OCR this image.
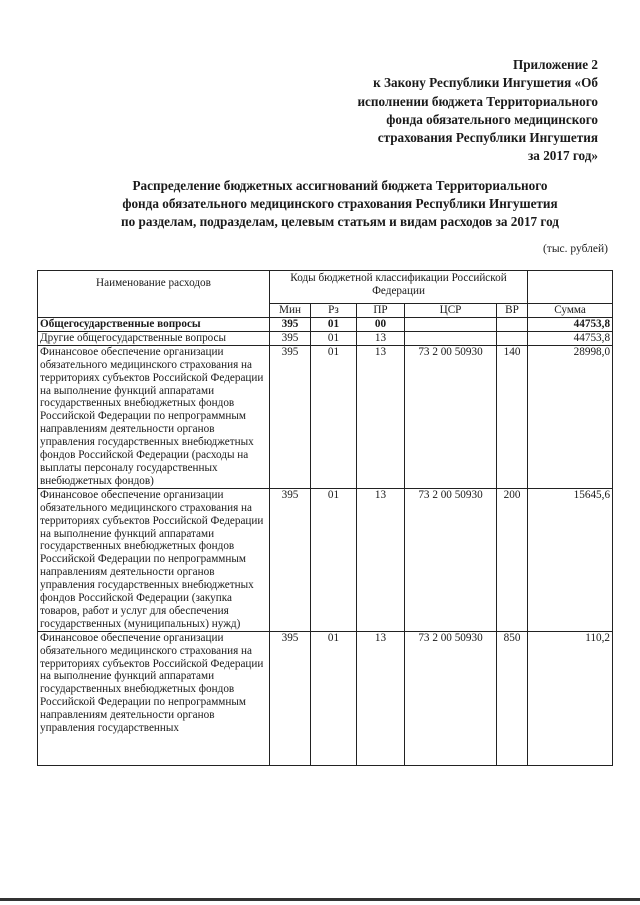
Приложение 2
к Закону Республики Ингушетия «Об
исполнении бюджета Территориального
фонда обязательного медицинского
страхования Республики Ингушетия
за 2017 год»
Распределение бюджетных ассигнований бюджета Территориального
фонда обязательного медицинского страхования Республики Ингушетия
по разделам, подразделам, целевым статьям и видам расходов за 2017 год
(тыс. рублей)
Наименование расходов	Коды бюджетной классификации Российской Федерации					
	Мин	Рз	ПР	ЦСР	ВР	Сумма
Общегосударственные вопросы	395	01	00			44753,8
Другие общегосударственные вопросы	395	01	13			44753,8
Финансовое обеспечение организации обязательного медицинского страхования на территориях субъектов Российской Федерации на выполнение функций аппаратами государственных внебюджетных фондов Российской Федерации по непрограммным направлениям деятельности органов управления государственных внебюджетных фондов Российской Федерации (расходы на выплаты персоналу государственных внебюджетных фондов)	395	01	13	73 2 00 50930	140	28998,0
Финансовое обеспечение организации обязательного медицинского страхования на территориях субъектов Российской Федерации на выполнение функций аппаратами государственных внебюджетных фондов Российской Федерации по непрограммным направлениям деятельности органов управления государственных внебюджетных фондов Российской Федерации (закупка товаров, работ и услуг для обеспечения государственных (муниципальных) нужд)	395	01	13	73 2 00 50930	200	15645,6
Финансовое обеспечение организации обязательного медицинского страхования на территориях субъектов Российской Федерации на выполнение функций аппаратами государственных внебюджетных фондов Российской Федерации по непрограммным направлениям деятельности органов управления государственных	395	01	13	73 2 00 50930	850	110,2
